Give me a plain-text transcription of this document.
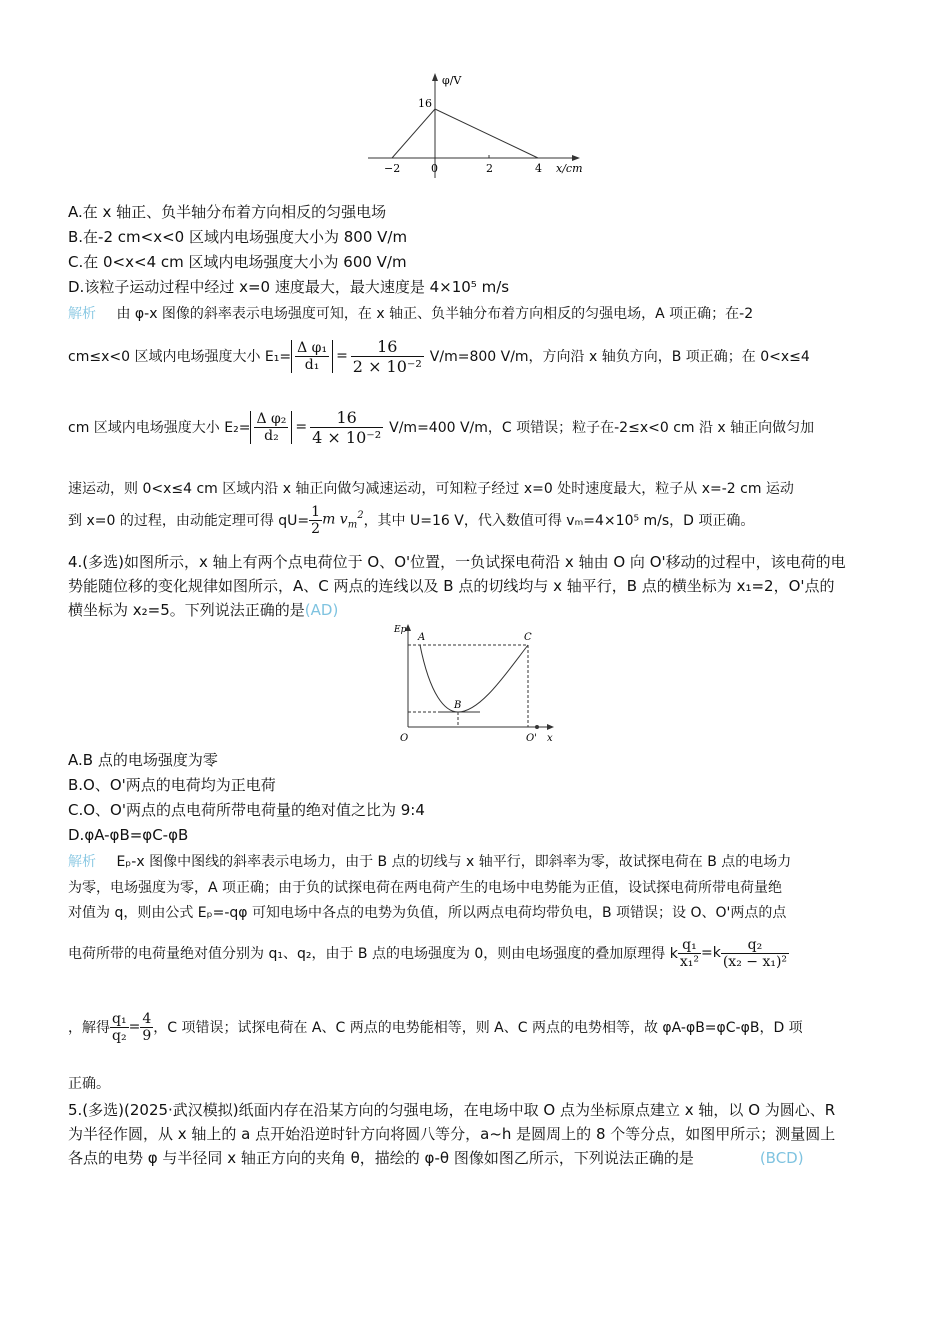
φ/V
16
−2	0	2	4 x/cm
A.在 x 轴正、负半轴分布着方向相反的匀强电场
B.在-2 cm<x<0 区域内电场强度大小为 800 V/m
C.在 0<x<4 cm 区域内电场强度大小为 600 V/m
D.该粒子运动过程中经过 x=0 速度最大，最大速度是 4×10⁵ m/s
解析 由 φ-x 图像的斜率表示电场强度可知，在 x 轴正、负半轴分布着方向相反的匀强电场，A 项正确；在-2
cm≤x<0 区域内电场强度大小 $E_1= \frac{\text{Δ φ₁}}{\text{d₁}} = \frac{16}{\text{2 × 10⁻²}} V/m=800$ V/m，方向沿 x 轴负方向，B 项正确；在 0<x≤4
cm 区域内电场强度大小 $E_2= \frac{\text{Δ φ₂}}{\text{d₂}} = \frac{16}{\text{4 × 10⁻²}} V/m=400$ V/m，C 项错误；粒子在-2≤x<0 cm 沿 x 轴正向做匀加
速运动，则 0<x≤4 cm 区域内沿 x 轴正向做匀减速运动，可知粒子经过 x=0 处时速度最大，粒子从 x=-2 cm 运动
到 x=0 的过程，由动能定理可得 $qU= \frac{1}{2}$ m $v_m^2$ ，其中 U=16 V，代入数值可得 vₘ=4×10⁵ m/s，D 项正确。
4.(多选)如图所示，x 轴上有两个点电荷位于 O、O'位置，一负试探电荷沿 x 轴由 O 向 O'移动的过程中，该电荷的电
势能随位移的变化规律如图所示，A、C 两点的连线以及 B 点的切线均与 x 轴平行，B 点的横坐标为 x₁=2，O'点的
横坐标为 x₂=5。下列说法正确的是(AD)
Ep
A
B
C
O	O' x
A.B 点的电场强度为零
B.O、O'两点的电荷均为正电荷
C.O、O'两点的点电荷所带电荷量的绝对值之比为 9:4
D.φA-φB=φC-φB
解析 Eₚ-x 图像中图线的斜率表示电场力，由于 B 点的切线与 x 轴平行，即斜率为零，故试探电荷在 B 点的电场力
为零，电场强度为零，A 项正确；由于负的试探电荷在两电荷产生的电场中电势能为正值，设试探电荷所带电荷量绝
对值为 q，则由公式 Eₚ=-qφ 可知电场中各点的电势为负值，所以两点电荷均带负电，B 项错误；设 O、O'两点的点
电荷所带的电荷量绝对值分别为 q₁、q₂，由于 B 点的电场强度为 0，则由电场强度的叠加原理得 k $\frac{\text{q₁}}{\text{x₁²}} =k \frac{\text{q₂}}{\text{(x₂ − x₁)²}}$
，解得 $\frac{\text{q₁}}{\text{q₂}} = \frac{4}{9}$ ，C 项错误；试探电荷在 A、C 两点的电势能相等，则 A、C 两点的电势相等，故 φA-φB=φC-φB，D 项
正确。
5.(多选)(2025·武汉模拟)纸面内存在沿某方向的匀强电场，在电场中取 O 点为坐标原点建立 x 轴，以 O 为圆心、R
为半径作圆，从 x 轴上的 a 点开始沿逆时针方向将圆八等分，a~h 是圆周上的 8 个等分点，如图甲所示；测量圆上
各点的电势 φ 与半径同 x 轴正方向的夹角 θ，描绘的 φ-θ 图像如图乙所示，下列说法正确的是	(BCD)
